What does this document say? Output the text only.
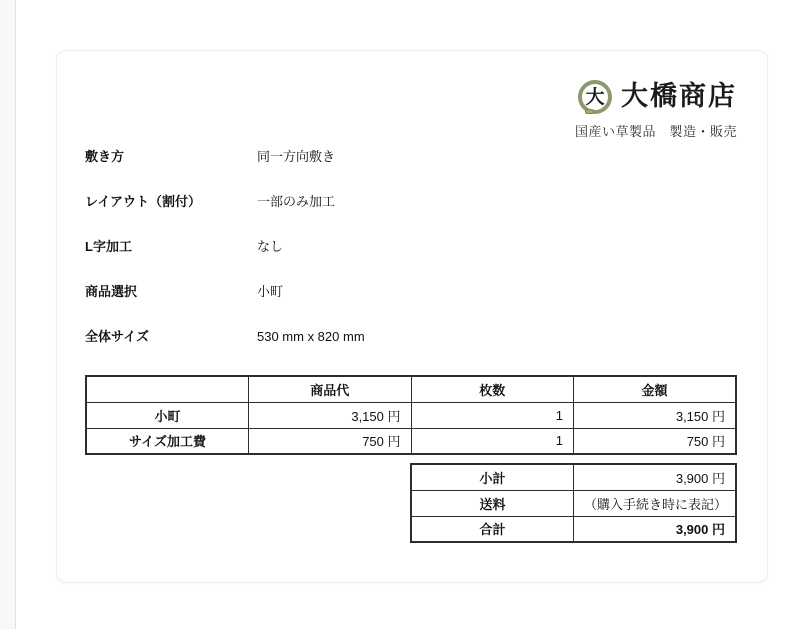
大 大橋商店
国産い草製品　製造・販売
敷き方	同一方向敷き
レイアウト（割付）	一部のみ加工
L字加工	なし
商品選択	小町
全体サイズ	530 mm x 820 mm
	商品代	枚数	金額
小町	3,150 円	1	3,150 円
サイズ加工費	750 円	1	750 円
小計	3,900 円
送料	（購入手続き時に表記）
合計	3,900 円
